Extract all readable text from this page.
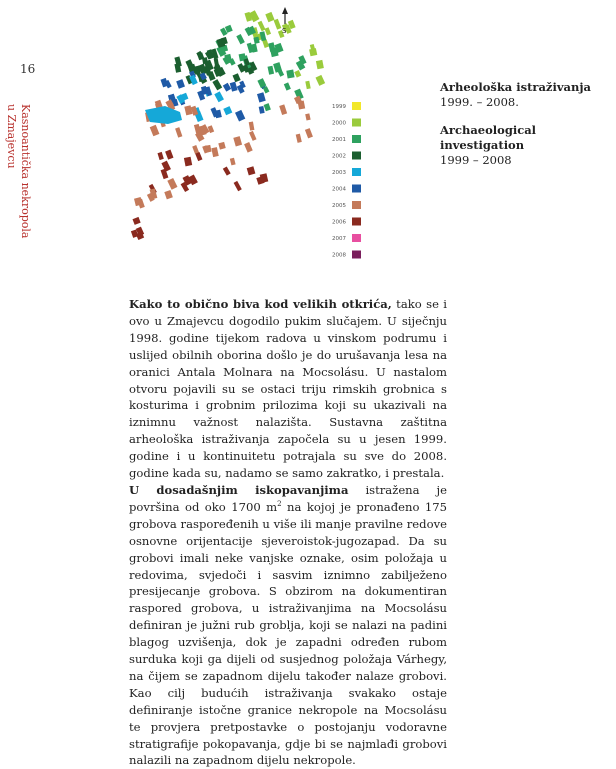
16
Kasnoantička nekropola
u Zmajevcu
S
1999
2000
2001
2002
2003
2004
2005
2006
2007
2008
Arheološka istraživanja
1999. – 2008.
Archaeological investigation
1999 – 2008

Kako to obično biva kod velikih otkrića, tako se i ovo u Zmajevcu dogodilo pukim slučajem. U siječnju 1998. godine tijekom radova u vinskom podrumu i uslijed obilnih oborina došlo je do urušavanja lesa na oranici Antala Molnara na Mocsolásu. U nastalom otvoru pojavili su se ostaci triju rimskih grobnica s kosturima i grobnim prilozima koji su ukazivali na iznimnu važnost nalazišta. Sustavna zaštitna arheološka istraživanja započela su u jesen 1999. godine i u kontinuitetu potrajala su sve do 2008. godine kada su, nadamo se samo zakratko, i prestala.

U dosadašnjim iskopavanjima istražena je površina od oko 1700 $m^2$ na kojoj je pronađeno 175 grobova raspoređenih u više ili manje pravilne redove osnovne orijentacije sjeveroistok-jugozapad. Da su grobovi imali neke vanjske oznake, osim položaja u redovima, svjedoči i sasvim iznimno zabilježeno presijecanje grobova. S obzirom na dokumentiran raspored grobova, u istraživanjima na Mocsolásu definiran je južni rub groblja, koji se nalazi na padini blagog uzvišenja, dok je zapadni određen rubom surduka koji ga dijeli od susjednog položaja Várhegy, na čijem se zapadnom dijelu također nalaze grobovi. Kao cilj budućih istraživanja svakako ostaje definiranje istočne granice nekropole na Mocsolásu te provjera pretpostavke o postojanju vodoravne stratigrafije pokopavanja, gdje bi se najmlađi grobovi nalazili na zapadnom dijelu nekropole.
